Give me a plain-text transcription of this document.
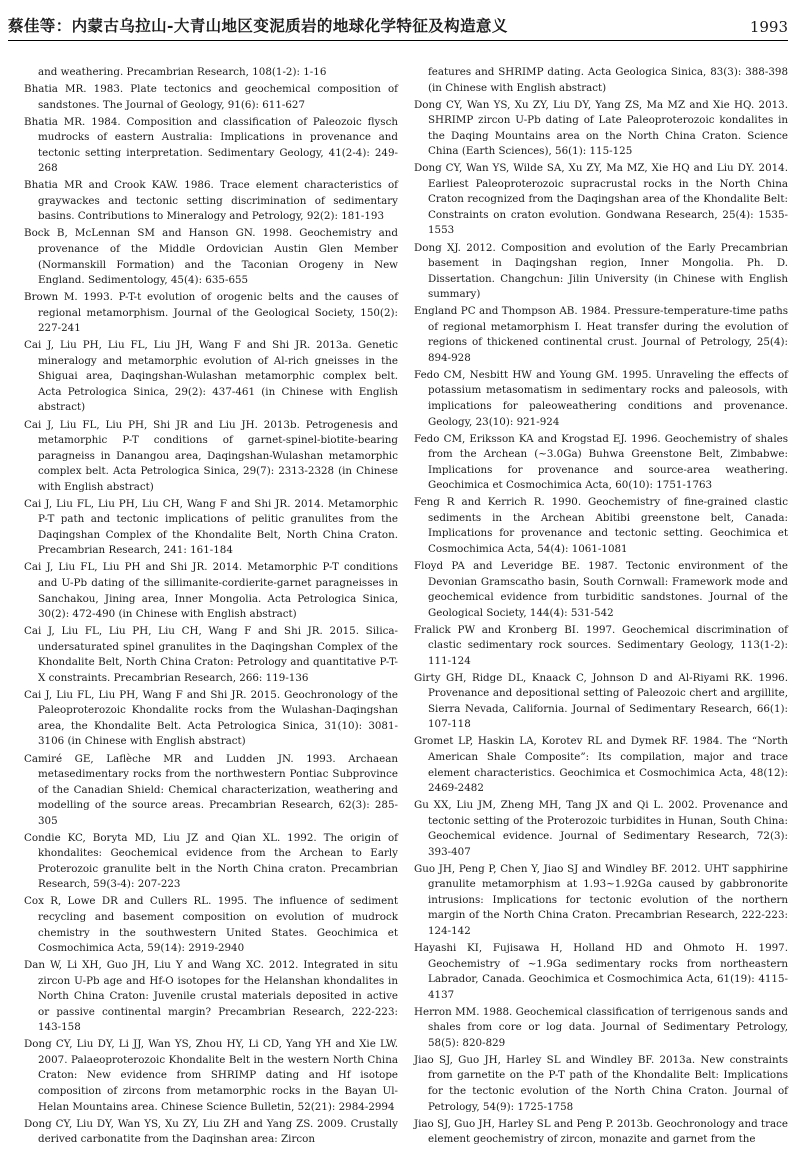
蔡佳等：内蒙古乌拉山-大青山地区变泥质岩的地球化学特征及构造意义	1993

and weathering. Precambrian Research, 108(1-2): 1-16

Bhatia MR. 1983. Plate tectonics and geochemical composition of sandstones. The Journal of Geology, 91(6): 611-627

Bhatia MR. 1984. Composition and classification of Paleozoic flysch mudrocks of eastern Australia: Implications in provenance and tectonic setting interpretation. Sedimentary Geology, 41(2-4): 249-268

Bhatia MR and Crook KAW. 1986. Trace element characteristics of graywackes and tectonic setting discrimination of sedimentary basins. Contributions to Mineralogy and Petrology, 92(2): 181-193

Bock B, McLennan SM and Hanson GN. 1998. Geochemistry and provenance of the Middle Ordovician Austin Glen Member (Normanskill Formation) and the Taconian Orogeny in New England. Sedimentology, 45(4): 635-655

Brown M. 1993. P-T-t evolution of orogenic belts and the causes of regional metamorphism. Journal of the Geological Society, 150(2): 227-241

Cai J, Liu PH, Liu FL, Liu JH, Wang F and Shi JR. 2013a. Genetic mineralogy and metamorphic evolution of Al-rich gneisses in the Shiguai area, Daqingshan-Wulashan metamorphic complex belt. Acta Petrologica Sinica, 29(2): 437-461 (in Chinese with English abstract)

Cai J, Liu FL, Liu PH, Shi JR and Liu JH. 2013b. Petrogenesis and metamorphic P-T conditions of garnet-spinel-biotite-bearing paragneiss in Danangou area, Daqingshan-Wulashan metamorphic complex belt. Acta Petrologica Sinica, 29(7): 2313-2328 (in Chinese with English abstract)

Cai J, Liu FL, Liu PH, Liu CH, Wang F and Shi JR. 2014. Metamorphic P-T path and tectonic implications of pelitic granulites from the Daqingshan Complex of the Khondalite Belt, North China Craton. Precambrian Research, 241: 161-184

Cai J, Liu FL, Liu PH and Shi JR. 2014. Metamorphic P-T conditions and U-Pb dating of the sillimanite-cordierite-garnet paragneisses in Sanchakou, Jining area, Inner Mongolia. Acta Petrologica Sinica, 30(2): 472-490 (in Chinese with English abstract)

Cai J, Liu FL, Liu PH, Liu CH, Wang F and Shi JR. 2015. Silica-undersaturated spinel granulites in the Daqingshan Complex of the Khondalite Belt, North China Craton: Petrology and quantitative P-T-X constraints. Precambrian Research, 266: 119-136

Cai J, Liu FL, Liu PH, Wang F and Shi JR. 2015. Geochronology of the Paleoproterozoic Khondalite rocks from the Wulashan-Daqingshan area, the Khondalite Belt. Acta Petrologica Sinica, 31(10): 3081-3106 (in Chinese with English abstract)

Camiré GE, Laflèche MR and Ludden JN. 1993. Archaean metasedimentary rocks from the northwestern Pontiac Subprovince of the Canadian Shield: Chemical characterization, weathering and modelling of the source areas. Precambrian Research, 62(3): 285-305

Condie KC, Boryta MD, Liu JZ and Qian XL. 1992. The origin of khondalites: Geochemical evidence from the Archean to Early Proterozoic granulite belt in the North China craton. Precambrian Research, 59(3-4): 207-223

Cox R, Lowe DR and Cullers RL. 1995. The influence of sediment recycling and basement composition on evolution of mudrock chemistry in the southwestern United States. Geochimica et Cosmochimica Acta, 59(14): 2919-2940

Dan W, Li XH, Guo JH, Liu Y and Wang XC. 2012. Integrated in situ zircon U-Pb age and Hf-O isotopes for the Helanshan khondalites in North China Craton: Juvenile crustal materials deposited in active or passive continental margin? Precambrian Research, 222-223: 143-158

Dong CY, Liu DY, Li JJ, Wan YS, Zhou HY, Li CD, Yang YH and Xie LW. 2007. Palaeoproterozoic Khondalite Belt in the western North China Craton: New evidence from SHRIMP dating and Hf isotope composition of zircons from metamorphic rocks in the Bayan Ul-Helan Mountains area. Chinese Science Bulletin, 52(21): 2984-2994

Dong CY, Liu DY, Wan YS, Xu ZY, Liu ZH and Yang ZS. 2009. Crustally derived carbonatite from the Daqinshan area: Zircon

features and SHRIMP dating. Acta Geologica Sinica, 83(3): 388-398 (in Chinese with English abstract)

Dong CY, Wan YS, Xu ZY, Liu DY, Yang ZS, Ma MZ and Xie HQ. 2013. SHRIMP zircon U-Pb dating of Late Paleoproterozoic kondalites in the Daqing Mountains area on the North China Craton. Science China (Earth Sciences), 56(1): 115-125

Dong CY, Wan YS, Wilde SA, Xu ZY, Ma MZ, Xie HQ and Liu DY. 2014. Earliest Paleoproterozoic supracrustal rocks in the North China Craton recognized from the Daqingshan area of the Khondalite Belt: Constraints on craton evolution. Gondwana Research, 25(4): 1535-1553

Dong XJ. 2012. Composition and evolution of the Early Precambrian basement in Daqingshan region, Inner Mongolia. Ph. D. Dissertation. Changchun: Jilin University (in Chinese with English summary)

England PC and Thompson AB. 1984. Pressure-temperature-time paths of regional metamorphism I. Heat transfer during the evolution of regions of thickened continental crust. Journal of Petrology, 25(4): 894-928

Fedo CM, Nesbitt HW and Young GM. 1995. Unraveling the effects of potassium metasomatism in sedimentary rocks and paleosols, with implications for paleoweathering conditions and provenance. Geology, 23(10): 921-924

Fedo CM, Eriksson KA and Krogstad EJ. 1996. Geochemistry of shales from the Archean (~3.0Ga) Buhwa Greenstone Belt, Zimbabwe: Implications for provenance and source-area weathering. Geochimica et Cosmochimica Acta, 60(10): 1751-1763

Feng R and Kerrich R. 1990. Geochemistry of fine-grained clastic sediments in the Archean Abitibi greenstone belt, Canada: Implications for provenance and tectonic setting. Geochimica et Cosmochimica Acta, 54(4): 1061-1081

Floyd PA and Leveridge BE. 1987. Tectonic environment of the Devonian Gramscatho basin, South Cornwall: Framework mode and geochemical evidence from turbiditic sandstones. Journal of the Geological Society, 144(4): 531-542

Fralick PW and Kronberg BI. 1997. Geochemical discrimination of clastic sedimentary rock sources. Sedimentary Geology, 113(1-2): 111-124

Girty GH, Ridge DL, Knaack C, Johnson D and Al-Riyami RK. 1996. Provenance and depositional setting of Paleozoic chert and argillite, Sierra Nevada, California. Journal of Sedimentary Research, 66(1): 107-118

Gromet LP, Haskin LA, Korotev RL and Dymek RF. 1984. The “North American Shale Composite”: Its compilation, major and trace element characteristics. Geochimica et Cosmochimica Acta, 48(12): 2469-2482

Gu XX, Liu JM, Zheng MH, Tang JX and Qi L. 2002. Provenance and tectonic setting of the Proterozoic turbidites in Hunan, South China: Geochemical evidence. Journal of Sedimentary Research, 72(3): 393-407

Guo JH, Peng P, Chen Y, Jiao SJ and Windley BF. 2012. UHT sapphirine granulite metamorphism at 1.93~1.92Ga caused by gabbronorite intrusions: Implications for tectonic evolution of the northern margin of the North China Craton. Precambrian Research, 222-223: 124-142

Hayashi KI, Fujisawa H, Holland HD and Ohmoto H. 1997. Geochemistry of ~1.9Ga sedimentary rocks from northeastern Labrador, Canada. Geochimica et Cosmochimica Acta, 61(19): 4115-4137

Herron MM. 1988. Geochemical classification of terrigenous sands and shales from core or log data. Journal of Sedimentary Petrology, 58(5): 820-829

Jiao SJ, Guo JH, Harley SL and Windley BF. 2013a. New constraints from garnetite on the P-T path of the Khondalite Belt: Implications for the tectonic evolution of the North China Craton. Journal of Petrology, 54(9): 1725-1758

Jiao SJ, Guo JH, Harley SL and Peng P. 2013b. Geochronology and trace element geochemistry of zircon, monazite and garnet from the
